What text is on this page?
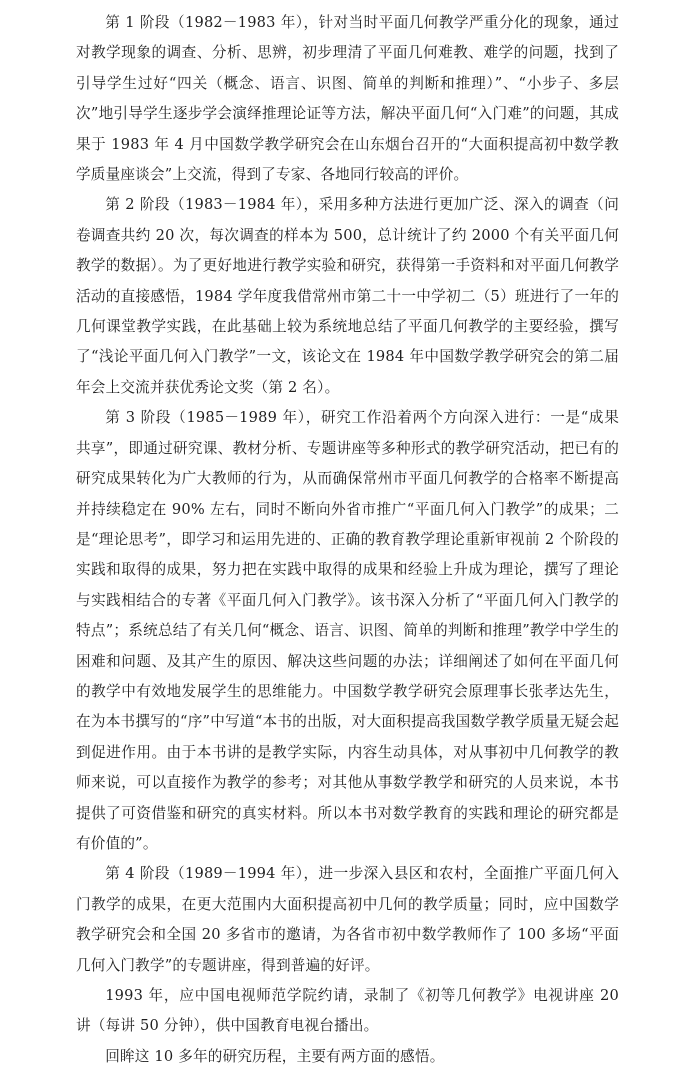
第 1 阶段（1982－1983 年），针对当时平面几何教学严重分化的现象，通过对教学现象的调查、分析、思辨，初步理清了平面几何难教、难学的问题，找到了引导学生过好“四关（概念、语言、识图、简单的判断和推理）”、“小步子、多层次”地引导学生逐步学会演绎推理论证等方法，解决平面几何“入门难”的问题，其成果于 1983 年 4 月中国数学教学研究会在山东烟台召开的“大面积提高初中数学教学质量座谈会”上交流，得到了专家、各地同行较高的评价。

第 2 阶段（1983－1984 年），采用多种方法进行更加广泛、深入的调查（问卷调查共约 20 次，每次调查的样本为 500，总计统计了约 2000 个有关平面几何教学的数据）。为了更好地进行教学实验和研究，获得第一手资料和对平面几何教学活动的直接感悟，1984 学年度我借常州市第二十一中学初二（5）班进行了一年的几何课堂教学实践，在此基础上较为系统地总结了平面几何教学的主要经验，撰写了“浅论平面几何入门教学”一文，该论文在 1984 年中国数学教学研究会的第二届年会上交流并获优秀论文奖（第 2 名）。

第 3 阶段（1985－1989 年），研究工作沿着两个方向深入进行：一是“成果共享”，即通过研究课、教材分析、专题讲座等多种形式的教学研究活动，把已有的研究成果转化为广大教师的行为，从而确保常州市平面几何教学的合格率不断提高并持续稳定在 90% 左右，同时不断向外省市推广“平面几何入门教学”的成果；二是“理论思考”，即学习和运用先进的、正确的教育教学理论重新审视前 2 个阶段的实践和取得的成果，努力把在实践中取得的成果和经验上升成为理论，撰写了理论与实践相结合的专著《平面几何入门教学》。该书深入分析了“平面几何入门教学的特点”；系统总结了有关几何“概念、语言、识图、简单的判断和推理”教学中学生的困难和问题、及其产生的原因、解决这些问题的办法；详细阐述了如何在平面几何的教学中有效地发展学生的思维能力。中国数学教学研究会原理事长张孝达先生，在为本书撰写的“序”中写道“本书的出版，对大面积提高我国数学教学质量无疑会起到促进作用。由于本书讲的是教学实际，内容生动具体，对从事初中几何教学的教师来说，可以直接作为教学的参考；对其他从事数学教学和研究的人员来说，本书提供了可资借鉴和研究的真实材料。所以本书对数学教育的实践和理论的研究都是有价值的”。

第 4 阶段（1989－1994 年），进一步深入县区和农村，全面推广平面几何入门教学的成果，在更大范围内大面积提高初中几何的教学质量；同时，应中国数学教学研究会和全国 20 多省市的邀请，为各省市初中数学教师作了 100 多场“平面几何入门教学”的专题讲座，得到普遍的好评。

1993 年，应中国电视师范学院约请，录制了《初等几何教学》电视讲座 20 讲（每讲 50 分钟），供中国教育电视台播出。

回眸这 10 多年的研究历程，主要有两方面的感悟。
